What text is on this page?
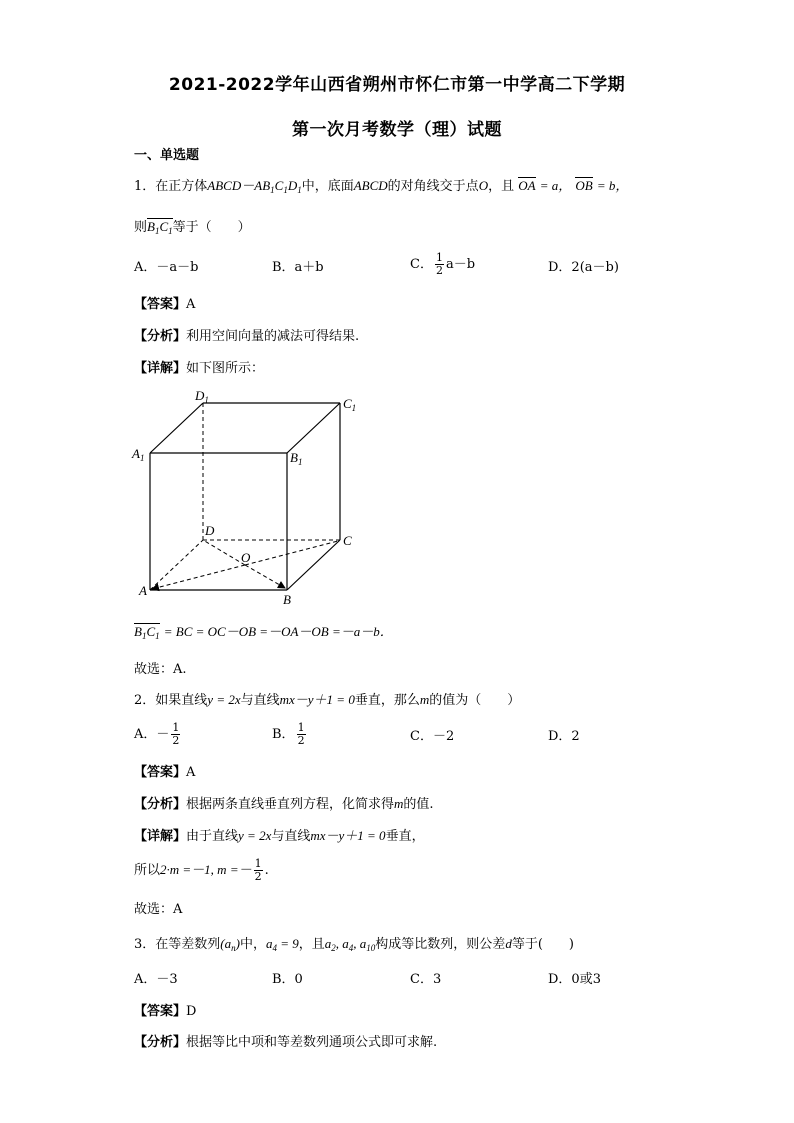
2021-2022学年山西省朔州市怀仁市第一中学高二下学期
第一次月考数学（理）试题
一、单选题
1．在正方体$ABCD-AB_1C_1D_1$中，底面ABCD的对角线交于点O，且 OA = a， OB = b，
则$B_1C_1$等于（　　）
A．－a－b	B．a＋b	C． $\frac{1}{2} a-b$	D．2(a－b)
【答案】A
【分析】利用空间向量的减法可得结果.
【详解】如下图所示：
$D_1$	$C_1$
$A_1$	$B_1$
D
C
O
A
B
$B_1C_1$ = BC = OC－OB =－OA－OB =－a－b．
故选：A.
2．如果直线y = 2x与直线mx－y＋1 = 0垂直，那么m的值为（　　）
A．－ $\frac{1}{2}$	B． $\frac{1}{2}$	C．－2	D．2
【答案】A
【分析】根据两条直线垂直列方程，化简求得m的值.
【详解】由于直线y = 2x与直线mx－y＋1 = 0垂直，
所以2·m =－1, $m =- \frac{1}{2}$ .
故选：A
3．在等差数列$(a_n)$中，$a_4 = 9$，且$a_2$, $a_4$, $a_{10}$构成等比数列，则公差d等于(　　)
A．－3	B．0	C．3	D．0或3
【答案】D
【分析】根据等比中项和等差数列通项公式即可求解.
